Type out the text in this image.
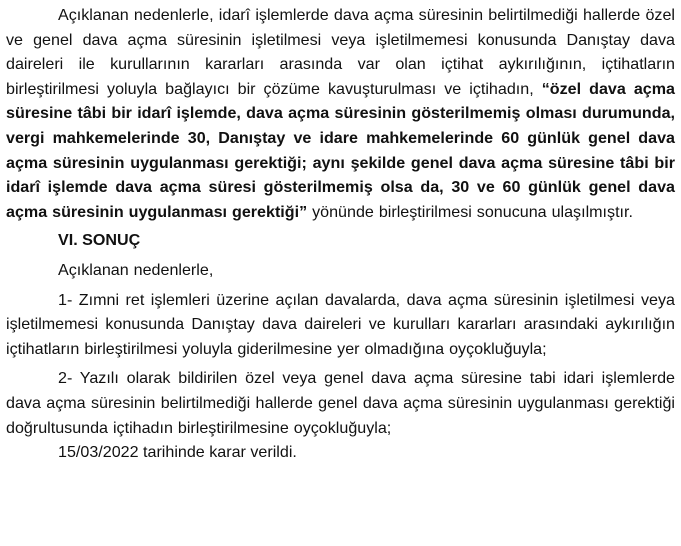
Açıklanan nedenlerle, idarî işlemlerde dava açma süresinin belirtilmediği hallerde özel ve genel dava açma süresinin işletilmesi veya işletilmemesi konusunda Danıştay dava daireleri ile kurullarının kararları arasında var olan içtihat aykırılığının, içtihatların birleştirilmesi yoluyla bağlayıcı bir çözüme kavuşturulması ve içtihadın, “özel dava açma süresine tâbi bir idarî işlemde, dava açma süresinin gösterilmemiş olması durumunda, vergi mahkemelerinde 30, Danıştay ve idare mahkemelerinde 60 günlük genel dava açma süresinin uygulanması gerektiği; aynı şekilde genel dava açma süresine tâbi bir idarî işlemde dava açma süresi gösterilmemiş olsa da, 30 ve 60 günlük genel dava açma süresinin uygulanması gerektiği” yönünde birleştirilmesi sonucuna ulaşılmıştır.

VI. SONUÇ

Açıklanan nedenlerle,

1- Zımni ret işlemleri üzerine açılan davalarda, dava açma süresinin işletilmesi veya işletilmemesi konusunda Danıştay dava daireleri ve kurulları kararları arasındaki aykırılığın içtihatların birleştirilmesi yoluyla giderilmesine yer olmadığına oyçokluğuyla;

2- Yazılı olarak bildirilen özel veya genel dava açma süresine tabi idari işlemlerde dava açma süresinin belirtilmediği hallerde genel dava açma süresinin uygulanması gerektiği doğrultusunda içtihadın birleştirilmesine oyçokluğuyla;

15/03/2022 tarihinde karar verildi.
